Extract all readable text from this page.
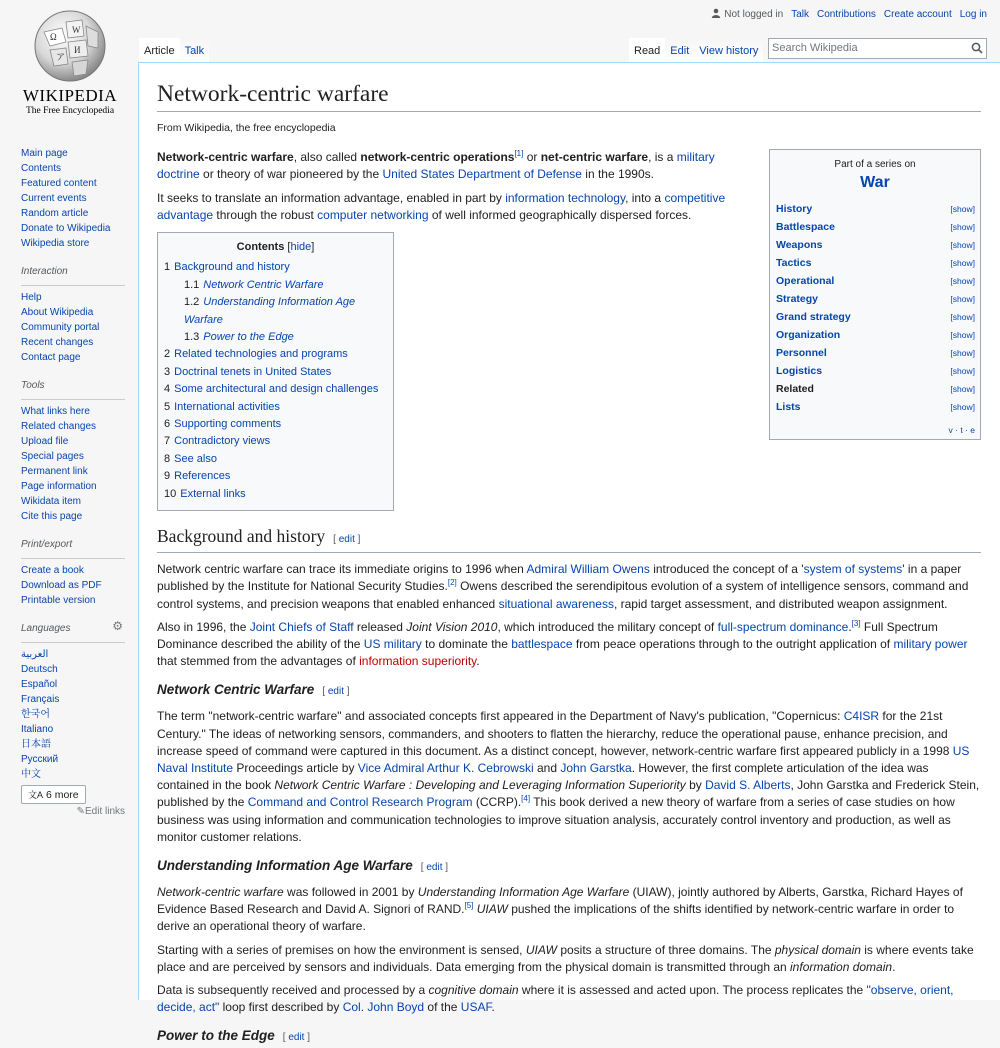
Ω
W
И
ア
WIKIPEDIA
The Free Encyclopedia
Not logged in Talk Contributions Create account Log in
Article Talk	Read Edit View history	Search Wikipedia
Main page
Contents
Featured content
Current events
Random article
Donate to Wikipedia
Wikipedia store
Interaction
Help
About Wikipedia
Community portal
Recent changes
Contact page
Tools
What links here
Related changes
Upload file
Special pages
Permanent link
Page information
Wikidata item
Cite this page
Print/export
Create a book
Download as PDF
Printable version
Languages	⚙
العربية
Deutsch
Español
Français
한국어
Italiano
日本語
Русский
中文
文A 6 more
✎Edit links
Network-centric warfare
From Wikipedia, the free encyclopedia
Part of a series on
War
History	[show]
Battlespace	[show]
Weapons	[show]
Tactics	[show]
Operational	[show]
Strategy	[show]
Grand strategy	[show]
Organization	[show]
Personnel	[show]
Logistics	[show]
Related	[show]
Lists	[show]
v · t · e

Network-centric warfare, also called network-centric operations[1] or net-centric warfare, is a military doctrine or theory of war pioneered by the United States Department of Defense in the 1990s.

It seeks to translate an information advantage, enabled in part by information technology, into a competitive advantage through the robust computer networking of well informed geographically dispersed forces.

Contents [hide]
1 Background and history
1.1 Network Centric Warfare
1.2 Understanding Information Age Warfare
1.3 Power to the Edge
2 Related technologies and programs
3 Doctrinal tenets in United States
4 Some architectural and design challenges
5 International activities
6 Supporting comments
7 Contradictory views
8 See also
9 References
10 External links
Background and history [ edit ]

Network centric warfare can trace its immediate origins to 1996 when Admiral William Owens introduced the concept of a 'system of systems' in a paper published by the Institute for National Security Studies.[2] Owens described the serendipitous evolution of a system of intelligence sensors, command and control systems, and precision weapons that enabled enhanced situational awareness, rapid target assessment, and distributed weapon assignment.

Also in 1996, the Joint Chiefs of Staff released Joint Vision 2010, which introduced the military concept of full-spectrum dominance.[3] Full Spectrum Dominance described the ability of the US military to dominate the battlespace from peace operations through to the outright application of military power that stemmed from the advantages of information superiority.

Network Centric Warfare [ edit ]

The term "network-centric warfare" and associated concepts first appeared in the Department of Navy's publication, "Copernicus: C4ISR for the 21st Century." The ideas of networking sensors, commanders, and shooters to flatten the hierarchy, reduce the operational pause, enhance precision, and increase speed of command were captured in this document. As a distinct concept, however, network-centric warfare first appeared publicly in a 1998 US Naval Institute Proceedings article by Vice Admiral Arthur K. Cebrowski and John Garstka. However, the first complete articulation of the idea was contained in the book Network Centric Warfare : Developing and Leveraging Information Superiority by David S. Alberts, John Garstka and Frederick Stein, published by the Command and Control Research Program (CCRP).[4] This book derived a new theory of warfare from a series of case studies on how business was using information and communication technologies to improve situation analysis, accurately control inventory and production, as well as monitor customer relations.

Understanding Information Age Warfare [ edit ]

Network-centric warfare was followed in 2001 by Understanding Information Age Warfare (UIAW), jointly authored by Alberts, Garstka, Richard Hayes of Evidence Based Research and David A. Signori of RAND.[5] UIAW pushed the implications of the shifts identified by network-centric warfare in order to derive an operational theory of warfare.

Starting with a series of premises on how the environment is sensed, UIAW posits a structure of three domains. The physical domain is where events take place and are perceived by sensors and individuals. Data emerging from the physical domain is transmitted through an information domain.

Data is subsequently received and processed by a cognitive domain where it is assessed and acted upon. The process replicates the "observe, orient, decide, act" loop first described by Col. John Boyd of the USAF.

Power to the Edge [ edit ]
